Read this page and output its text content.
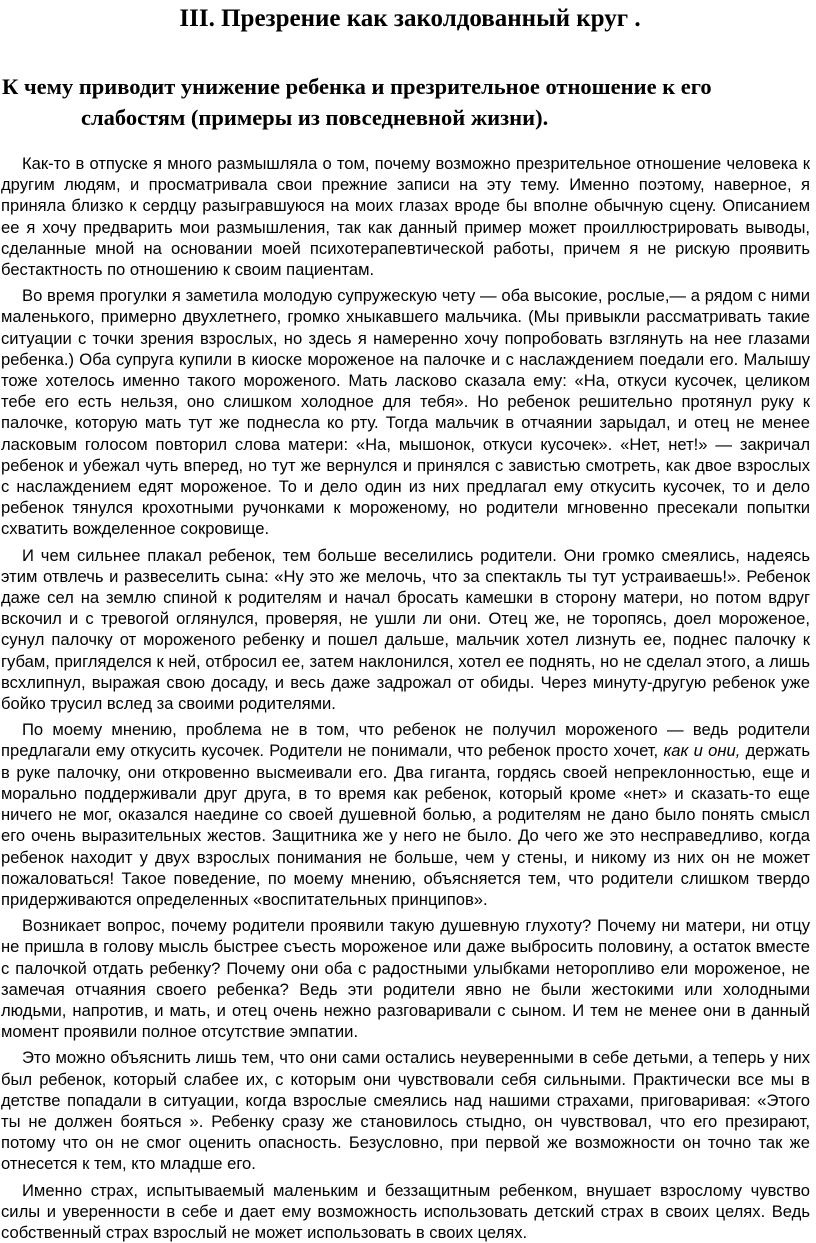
III. Презрение как заколдованный круг .
К чему приводит унижение ребенка и презрительное отношение к его
слабостям (примеры из повседневной жизни).

Как-то в отпуске я много размышляла о том, почему возможно презрительное отношение человека к другим людям, и просматривала свои прежние записи на эту тему. Именно поэтому, наверное, я приняла близко к сердцу разыгравшуюся на моих глазах вроде бы вполне обычную сцену. Описанием ее я хочу предварить мои размышления, так как данный пример может проиллюстрировать выводы, сделанные мной на основании моей психотерапевтической работы, причем я не рискую проявить бестактность по отношению к своим пациентам.

Во время прогулки я заметила молодую супружескую чету — оба высокие, рослые,— а рядом с ними маленького, примерно двухлетнего, громко хныкавшего мальчика. (Мы привыкли рассматривать такие ситуации с точки зрения взрослых, но здесь я намеренно хочу попробовать взглянуть на нее глазами ребенка.) Оба супруга купили в киоске мороженое на палочке и с наслаждением поедали его. Малышу тоже хотелось именно такого мороженого. Мать ласково сказала ему: «На, откуси кусочек, целиком тебе его есть нельзя, оно слишком холодное для тебя». Но ребенок решительно протянул руку к палочке, которую мать тут же поднесла ко рту. Тогда мальчик в отчаянии зарыдал, и отец не менее ласковым голосом повторил слова матери: «На, мышонок, откуси кусочек». «Нет, нет!» — закричал ребенок и убежал чуть вперед, но тут же вернулся и принялся с завистью смотреть, как двое взрослых с наслаждением едят мороженое. То и дело один из них предлагал ему откусить кусочек, то и дело ребенок тянулся крохотными ручонками к мороженому, но родители мгновенно пресекали попытки схватить вожделенное сокровище.

И чем сильнее плакал ребенок, тем больше веселились родители. Они громко смеялись, надеясь этим отвлечь и развеселить сына: «Ну это же мелочь, что за спектакль ты тут устраиваешь!». Ребенок даже сел на землю спиной к родителям и начал бросать камешки в сторону матери, но потом вдруг вскочил и с тревогой оглянулся, проверяя, не ушли ли они. Отец же, не торопясь, доел мороженое, сунул палочку от мороженого ребенку и пошел дальше, мальчик хотел лизнуть ее, поднес палочку к губам, пригляделся к ней, отбросил ее, затем наклонился, хотел ее поднять, но не сделал этого, а лишь всхлипнул, выражая свою досаду, и весь даже задрожал от обиды. Через минуту-другую ребенок уже бойко трусил вслед за своими родителями.

По моему мнению, проблема не в том, что ребенок не получил мороженого — ведь родители предлагали ему откусить кусочек. Родители не понимали, что ребенок просто хочет, как и они, держать в руке палочку, они откровенно высмеивали его. Два гиганта, гордясь своей непреклонностью, еще и морально поддерживали друг друга, в то время как ребенок, который кроме «нет» и сказать-то еще ничего не мог, оказался наедине со своей душевной болью, а родителям не дано было понять смысл его очень выразительных жестов. Защитника же у него не было. До чего же это несправедливо, когда ребенок находит у двух взрослых понимания не больше, чем у стены, и никому из них он не может пожаловаться! Такое поведение, по моему мнению, объясняется тем, что родители слишком твердо придерживаются определенных «воспитательных принципов».

Возникает вопрос, почему родители проявили такую душевную глухоту? Почему ни матери, ни отцу не пришла в голову мысль быстрее съесть мороженое или даже выбросить половину, а остаток вместе с палочкой отдать ребенку? Почему они оба с радостными улыбками неторопливо ели мороженое, не замечая отчаяния своего ребенка? Ведь эти родители явно не были жестокими или холодными людьми, напротив, и мать, и отец очень нежно разговаривали с сыном. И тем не менее они в данный момент проявили полное отсутствие эмпатии.

Это можно объяснить лишь тем, что они сами остались неуверенными в себе детьми, а теперь у них был ребенок, который слабее их, с которым они чувствовали себя сильными. Практически все мы в детстве попадали в ситуации, когда взрослые смеялись над нашими страхами, приговаривая: «Этого ты не должен бояться ». Ребенку сразу же становилось стыдно, он чувствовал, что его презирают, потому что он не смог оценить опасность. Безусловно, при первой же возможности он точно так же отнесется к тем, кто младше его.

Именно страх, испытываемый маленьким и беззащитным ребенком, внушает взрослому чувство силы и уверенности в себе и дает ему возможность использовать детский страх в своих целях. Ведь собственный страх взрослый не может использовать в своих целях.
